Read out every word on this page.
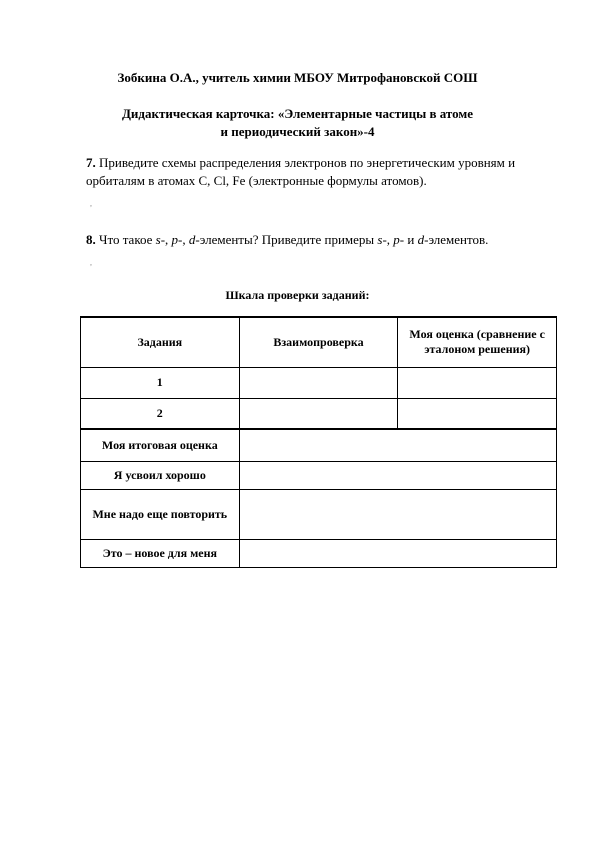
Зобкина О.А., учитель химии МБОУ Митрофановской СОШ
Дидактическая карточка: «Элементарные частицы в атоме
и периодический закон»-4
7. Приведите схемы распределения электронов по энергетическим уровням и орбиталям в атомах C, Cl, Fe (электронные формулы атомов).
,
8. Что такое s-, p-, d-элементы? Приведите примеры s-, p- и d-элементов.
,
Шкала проверки заданий:
Задания	Взаимопроверка	Моя оценка (сравнение с эталоном решения)
1		
2		
Моя итоговая оценка		
Я усвоил хорошо		
Мне надо еще повторить		
Это – новое для меня		
